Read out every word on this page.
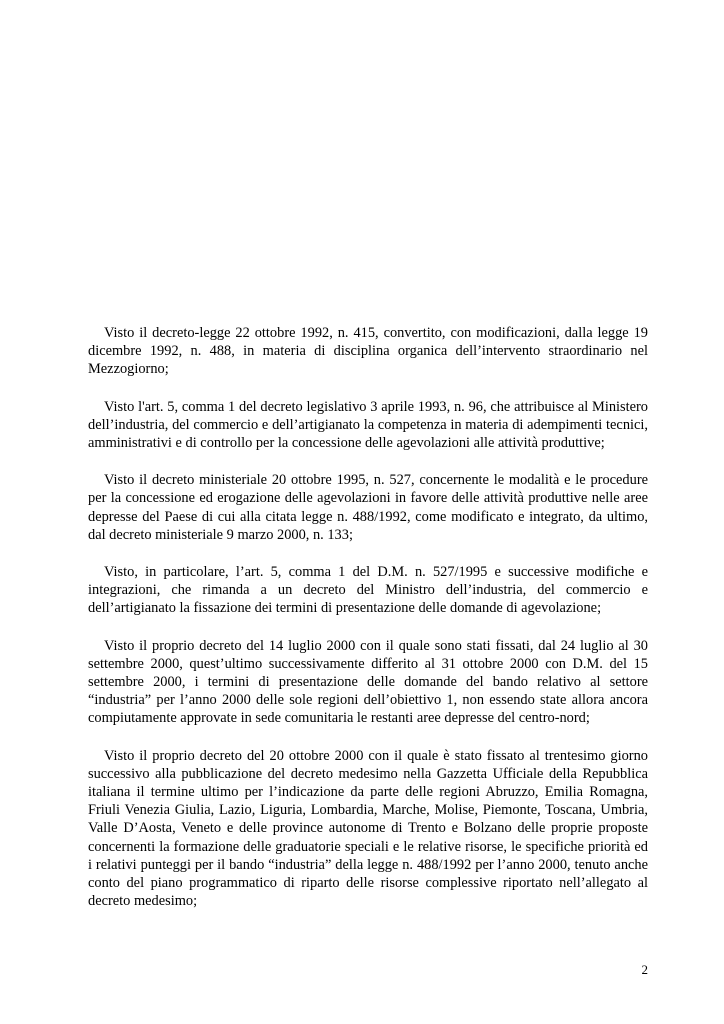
Visto il decreto-legge 22 ottobre 1992, n. 415, convertito, con modificazioni, dalla legge 19 dicembre 1992, n. 488, in materia di disciplina organica dell’intervento straordinario nel Mezzogiorno;

Visto l'art. 5, comma 1 del decreto legislativo 3 aprile 1993, n. 96, che attribuisce al Ministero dell’industria, del commercio e dell’artigianato la competenza in materia di adempimenti tecnici, amministrativi e di controllo per la concessione delle agevolazioni alle attività produttive;

Visto il decreto ministeriale 20 ottobre 1995, n. 527, concernente le modalità e le procedure per la concessione ed erogazione delle agevolazioni in favore delle attività produttive nelle aree depresse del Paese di cui alla citata legge n. 488/1992, come modificato e integrato, da ultimo, dal decreto ministeriale 9 marzo 2000, n. 133;

Visto, in particolare, l’art. 5, comma 1 del D.M. n. 527/1995 e successive modifiche e integrazioni, che rimanda a un decreto del Ministro dell’industria, del commercio e dell’artigianato la fissazione dei termini di presentazione delle domande di agevolazione;

Visto il proprio decreto del 14 luglio 2000 con il quale sono stati fissati, dal 24 luglio al 30 settembre 2000, quest’ultimo successivamente differito al 31 ottobre 2000 con D.M. del 15 settembre 2000, i termini di presentazione delle domande del bando relativo al settore “industria” per l’anno 2000 delle sole regioni dell’obiettivo 1, non essendo state allora ancora compiutamente approvate in sede comunitaria le restanti aree depresse del centro-nord;

Visto il proprio decreto del 20 ottobre 2000 con il quale è stato fissato al trentesimo giorno successivo alla pubblicazione del decreto medesimo nella Gazzetta Ufficiale della Repubblica italiana il termine ultimo per l’indicazione da parte delle regioni Abruzzo, Emilia Romagna, Friuli Venezia Giulia, Lazio, Liguria, Lombardia, Marche, Molise, Piemonte, Toscana, Umbria, Valle D’Aosta, Veneto e delle province autonome di Trento e Bolzano delle proprie proposte concernenti la formazione delle graduatorie speciali e le relative risorse, le specifiche priorità ed i relativi punteggi per il bando “industria” della legge n. 488/1992 per l’anno 2000, tenuto anche conto del piano programmatico di riparto delle risorse complessive riportato nell’allegato al decreto medesimo;

2
